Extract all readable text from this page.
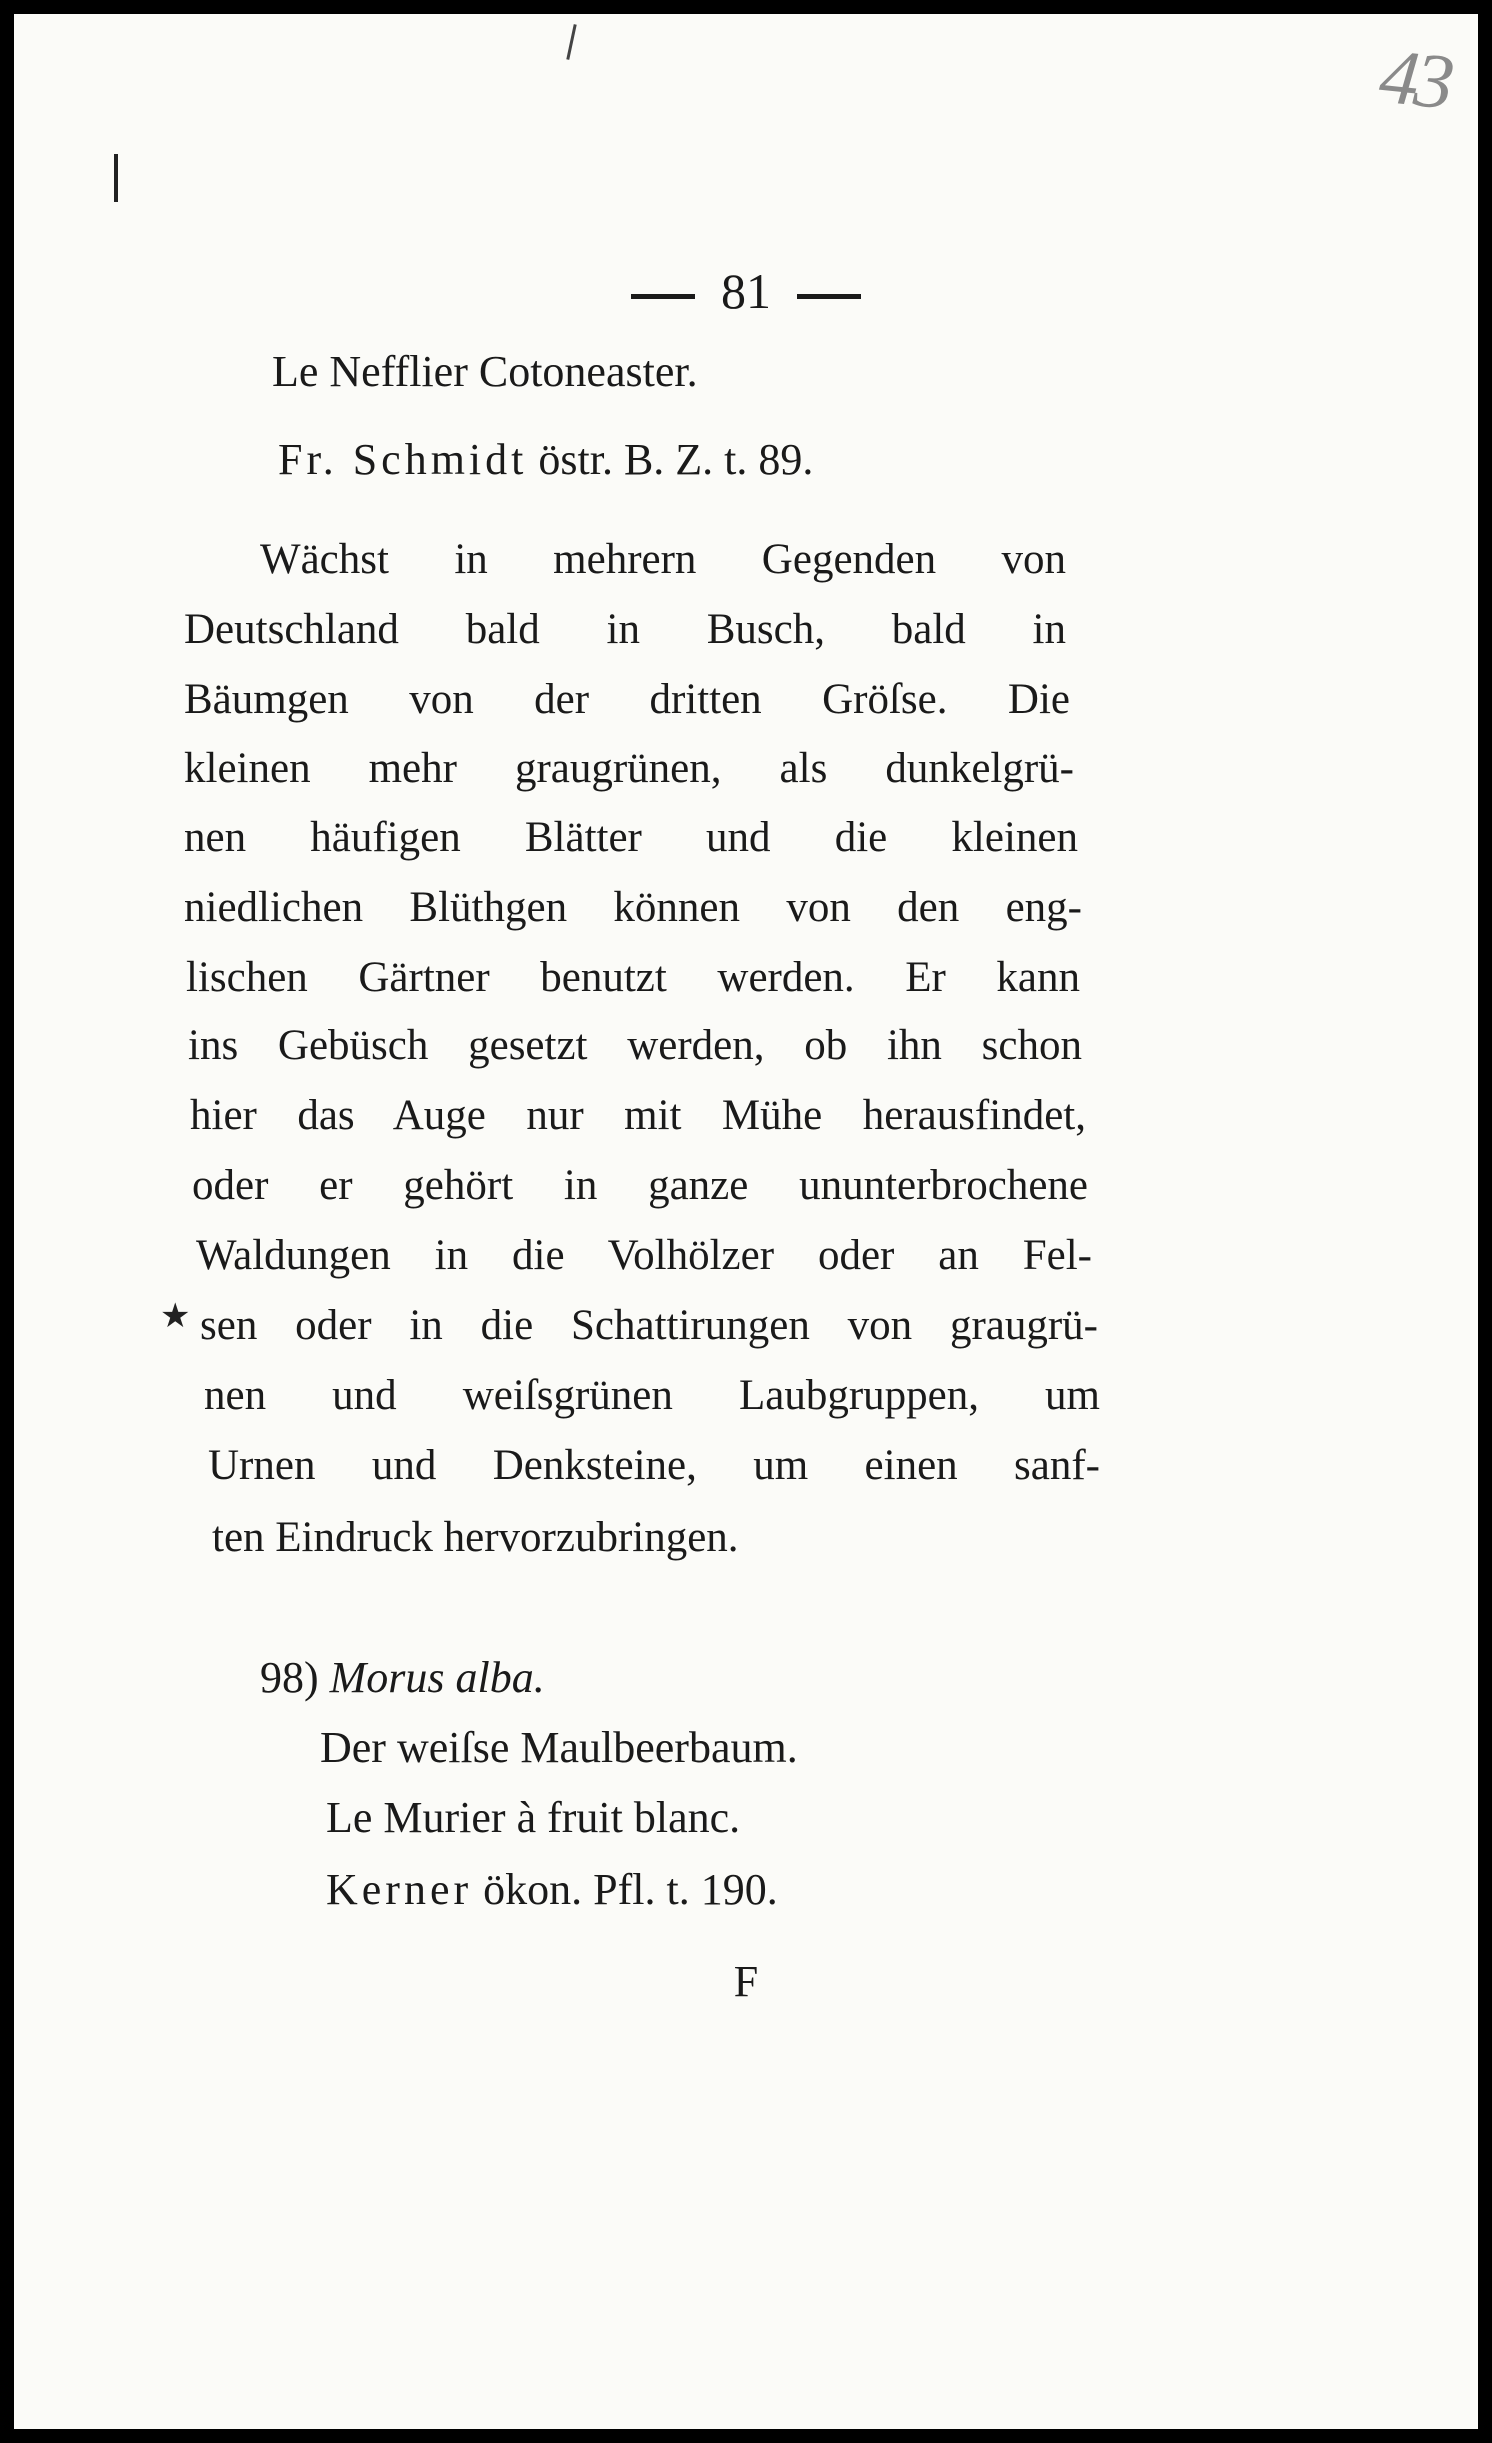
43
81
Le Nefflier Cotoneaster.
Fr. Schmidt östr. B. Z. t. 89.
Wächst in mehrern Gegenden von
Deutschland bald in Busch, bald in
Bäumgen von der dritten Gröſse. Die
kleinen mehr graugrünen, als dunkelgrü-
nen häufigen Blätter und die kleinen
niedlichen Blüthgen können von den eng-
lischen Gärtner benutzt werden. Er kann
ins Gebüsch gesetzt werden, ob ihn schon
hier das Auge nur mit Mühe herausfindet,
oder er gehört in ganze ununterbrochene
Waldungen in die Volhölzer oder an Fel-
sen oder in die Schattirungen von graugrü-
nen und weiſsgrünen Laubgruppen, um
Urnen und Denksteine, um einen sanf-
ten Eindruck hervorzubringen.
★
98) Morus alba.
Der weiſse Maulbeerbaum.
Le Murier à fruit blanc.
Kerner ökon. Pfl. t. 190.
F
